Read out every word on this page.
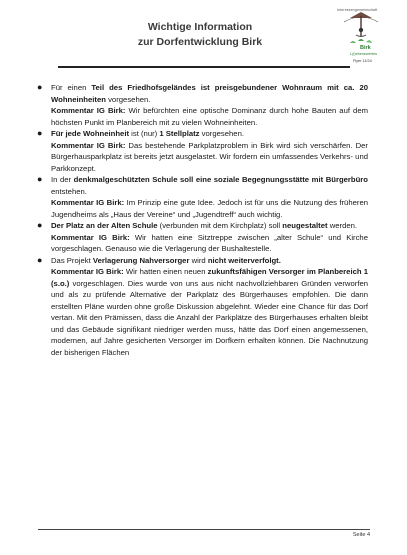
Wichtige Information
zur Dorfentwicklung Birk
Interessengemeinschaft
Birk
L(i)ebenswertes
Flyer 11/24
● Für einen Teil des Friedhofsgeländes ist preisgebundener Wohnraum mit ca. 20 Wohneinheiten vorgesehen.
Kommentar IG Birk: Wir befürchten eine optische Dominanz durch hohe Bauten auf dem höchsten Punkt im Planbereich mit zu vielen Wohneinheiten.
● Für jede Wohneinheit ist (nur) 1 Stellplatz vorgesehen.
Kommentar IG Birk: Das bestehende Parkplatzproblem in Birk wird sich verschärfen. Der Bürgerhausparkplatz ist bereits jetzt ausgelastet. Wir fordern ein umfassendes Verkehrs- und Parkkonzept.
● In der denkmalgeschützten Schule soll eine soziale Begegnungsstätte mit Bürgerbüro entstehen.
Kommentar IG Birk: Im Prinzip eine gute Idee. Jedoch ist für uns die Nutzung des früheren Jugendheims als „Haus der Vereine“ und „Jugendtreff“ auch wichtig.
● Der Platz an der Alten Schule (verbunden mit dem Kirchplatz) soll neugestaltet werden.
Kommentar IG Birk: Wir hatten eine Sitztreppe zwischen „alter Schule“ und Kirche vorgeschlagen. Genauso wie die Verlagerung der Bushaltestelle.
● Das Projekt Verlagerung Nahversorger wird nicht weiterverfolgt.
Kommentar IG Birk: Wir hatten einen neuen zukunftsfähigen Versorger im Planbereich 1 (s.o.) vorgeschlagen. Dies wurde von uns aus nicht nachvollziehbaren Gründen verworfen und als zu prüfende Alternative der Parkplatz des Bürgerhauses empfohlen. Die dann erstellten Pläne wurden ohne große Diskussion abgelehnt. Wieder eine Chance für das Dorf vertan. Mit den Prämissen, dass die Anzahl der Parkplätze des Bürgerhauses erhalten bleibt und das Gebäude signifikant niedriger werden muss, hätte das Dorf einen angemessenen, modernen, auf Jahre gesicherten Versorger im Dorfkern erhalten können. Die Nachnutzung der bisherigen Flächen
Seite 4
